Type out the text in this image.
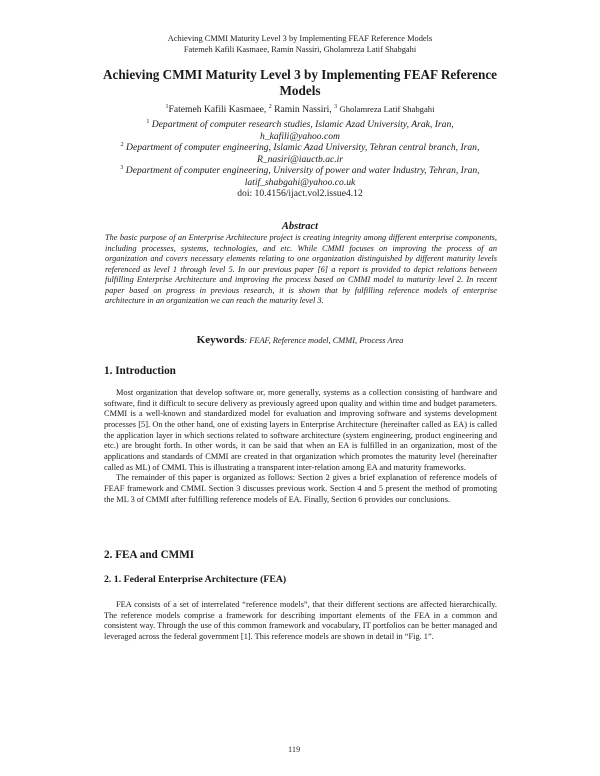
Achieving CMMI Maturity Level 3 by Implementing FEAF Reference Models
Fatemeh Kafili Kasmaee, Ramin Nassiri, Gholamreza Latif Shabgahi
Achieving CMMI Maturity Level 3 by Implementing FEAF Reference Models
$^1$Fatemeh Kafili Kasmaee, $^2$ Ramin Nassiri, $^3$ Gholamreza Latif Shabgahi
$^1$ Department of computer research studies, Islamic Azad University, Arak, Iran,
h_kafili@yahoo.com
$^2$ Department of computer engineering, Islamic Azad University, Tehran central branch, Iran,
R_nasiri@iauctb.ac.ir
$^3$ Department of computer engineering, University of power and water Industry, Tehran, Iran,
latif_shabgahi@yahoo.co.uk
doi: 10.4156/ijact.vol2.issue4.12
Abstract

The basic purpose of an Enterprise Architecture project is creating integrity among different enterprise components, including processes, systems, technologies, and etc. While CMMI focuses on improving the process of an organization and covers necessary elements relating to one organization distinguished by different maturity levels referenced as level 1 through level 5. In our previous paper [6] a report is provided to depict relations between fulfilling Enterprise Architecture and improving the process based on CMMI model to maturity level 2. In recent paper based on progress in previous research, it is shown that by fulfilling reference models of enterprise architecture in an organization we can reach the maturity level 3.

Keywords: FEAF, Reference model, CMMI, Process Area
1. Introduction

Most organization that develop software or, more generally, systems as a collection consisting of hardware and software, find it difficult to secure delivery as previously agreed upon quality and within time and budget parameters. CMMI is a well-known and standardized model for evaluation and improving software and systems development processes [5]. On the other hand, one of existing layers in Enterprise Architecture (hereinafter called as EA) is called the application layer in which sections related to software architecture (system engineering, product engineering and etc.) are brought forth. In other words, it can be said that when an EA is fulfilled in an organization, most of the applications and standards of CMMI are created in that organization which promotes the maturity level (hereinafter called as ML) of CMMI. This is illustrating a transparent inter-relation among EA and maturity frameworks.

The remainder of this paper is organized as follows: Section 2 gives a brief explanation of reference models of FEAF framework and CMMI. Section 3 discusses previous work. Section 4 and 5 present the method of promoting the ML 3 of CMMI after fulfilling reference models of EA. Finally, Section 6 provides our conclusions.

2. FEA and CMMI
2. 1. Federal Enterprise Architecture (FEA)

FEA consists of a set of interrelated “reference models”, that their different sections are affected hierarchically. The reference models comprise a framework for describing important elements of the FEA in a common and consistent way. Through the use of this common framework and vocabulary, IT portfolios can be better managed and leveraged across the federal government [1]. This reference models are shown in detail in “Fig. 1”.

119
